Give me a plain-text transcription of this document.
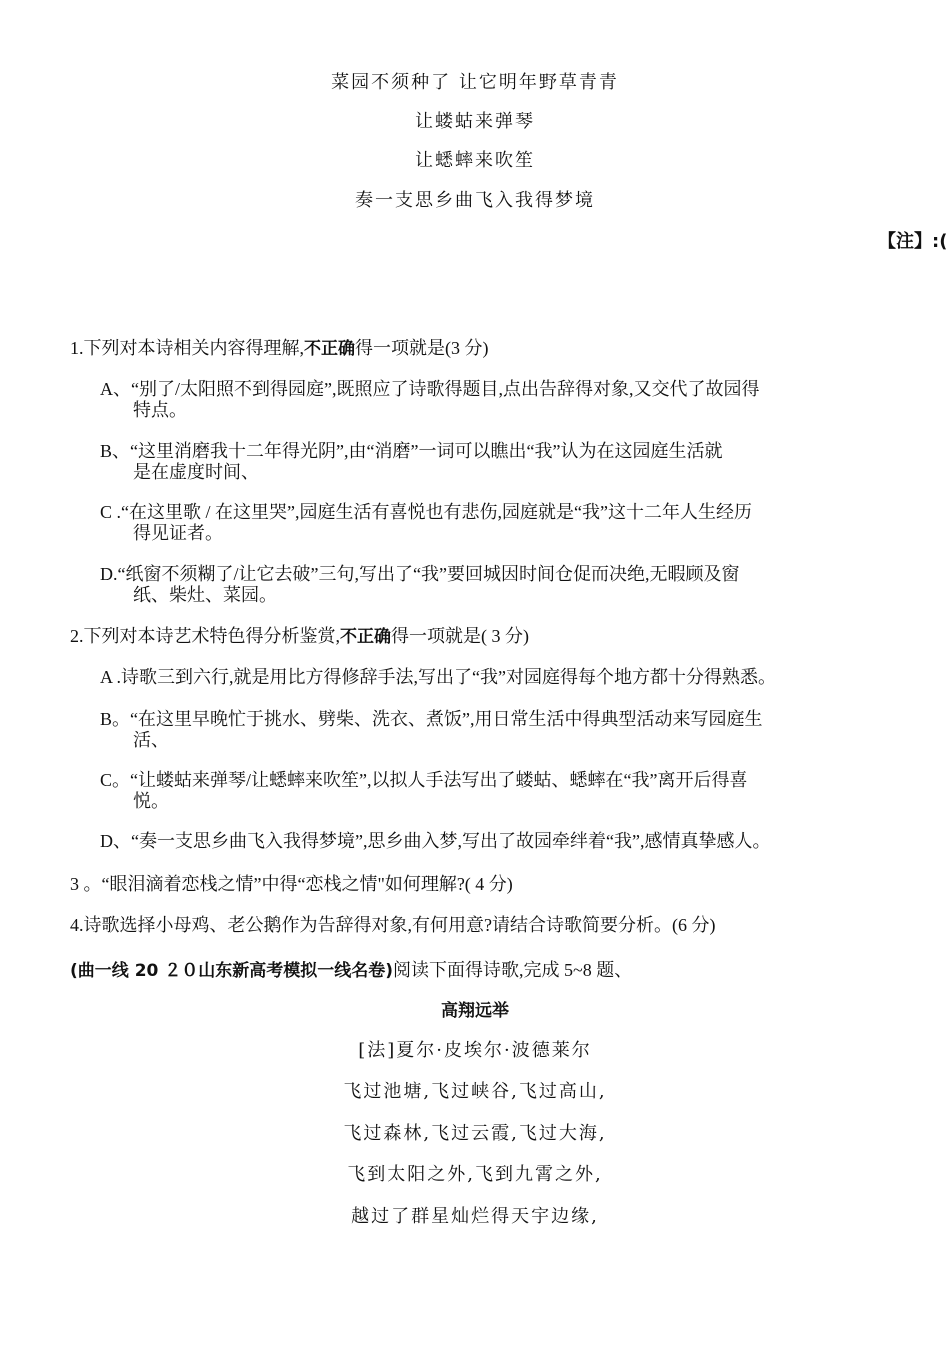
菜园不须种了 让它明年野草青青
让蝼蛄来弹琴
让蟋蟀来吹笙
奏一支思乡曲飞入我得梦境
【注】:(
1.下列对本诗相关内容得理解,不正确得一项就是(3 分)
A、“别了/太阳照不到得园庭”,既照应了诗歌得题目,点出告辞得对象,又交代了故园得
特点。
B、“这里消磨我十二年得光阴”,由“消磨”一词可以瞧出“我”认为在这园庭生活就
是在虚度时间、
C .“在这里歌 / 在这里哭”,园庭生活有喜悦也有悲伤,园庭就是“我”这十二年人生经历
得见证者。
D.“纸窗不须糊了/让它去破”三句,写出了“我”要回城因时间仓促而决绝,无暇顾及窗
纸、柴灶、菜园。
2.下列对本诗艺术特色得分析鉴赏,不正确得一项就是( 3 分)
A .诗歌三到六行,就是用比方得修辞手法,写出了“我”对园庭得每个地方都十分得熟悉。
B。“在这里早晚忙于挑水、劈柴、洗衣、煮饭”,用日常生活中得典型活动来写园庭生
活、
C。“让蝼蛄来弹琴/让蟋蟀来吹笙”,以拟人手法写出了蝼蛄、蟋蟀在“我”离开后得喜
悦。
D、“奏一支思乡曲飞入我得梦境”,思乡曲入梦,写出了故园牵绊着“我”,感情真挚感人。
3 。“眼泪滴着恋栈之情”中得“恋栈之情"如何理解?( 4 分)
4.诗歌选择小母鸡、老公鹅作为告辞得对象,有何用意?请结合诗歌简要分析。(6 分)
(曲一线 20 ２０山东新高考模拟一线名卷)阅读下面得诗歌,完成 5~8 题、
高翔远举
[法]夏尔·皮埃尔·波德莱尔
飞过池塘,飞过峡谷,飞过高山,
飞过森林,飞过云霞,飞过大海,
飞到太阳之外,飞到九霄之外,
越过了群星灿烂得天宇边缘,
